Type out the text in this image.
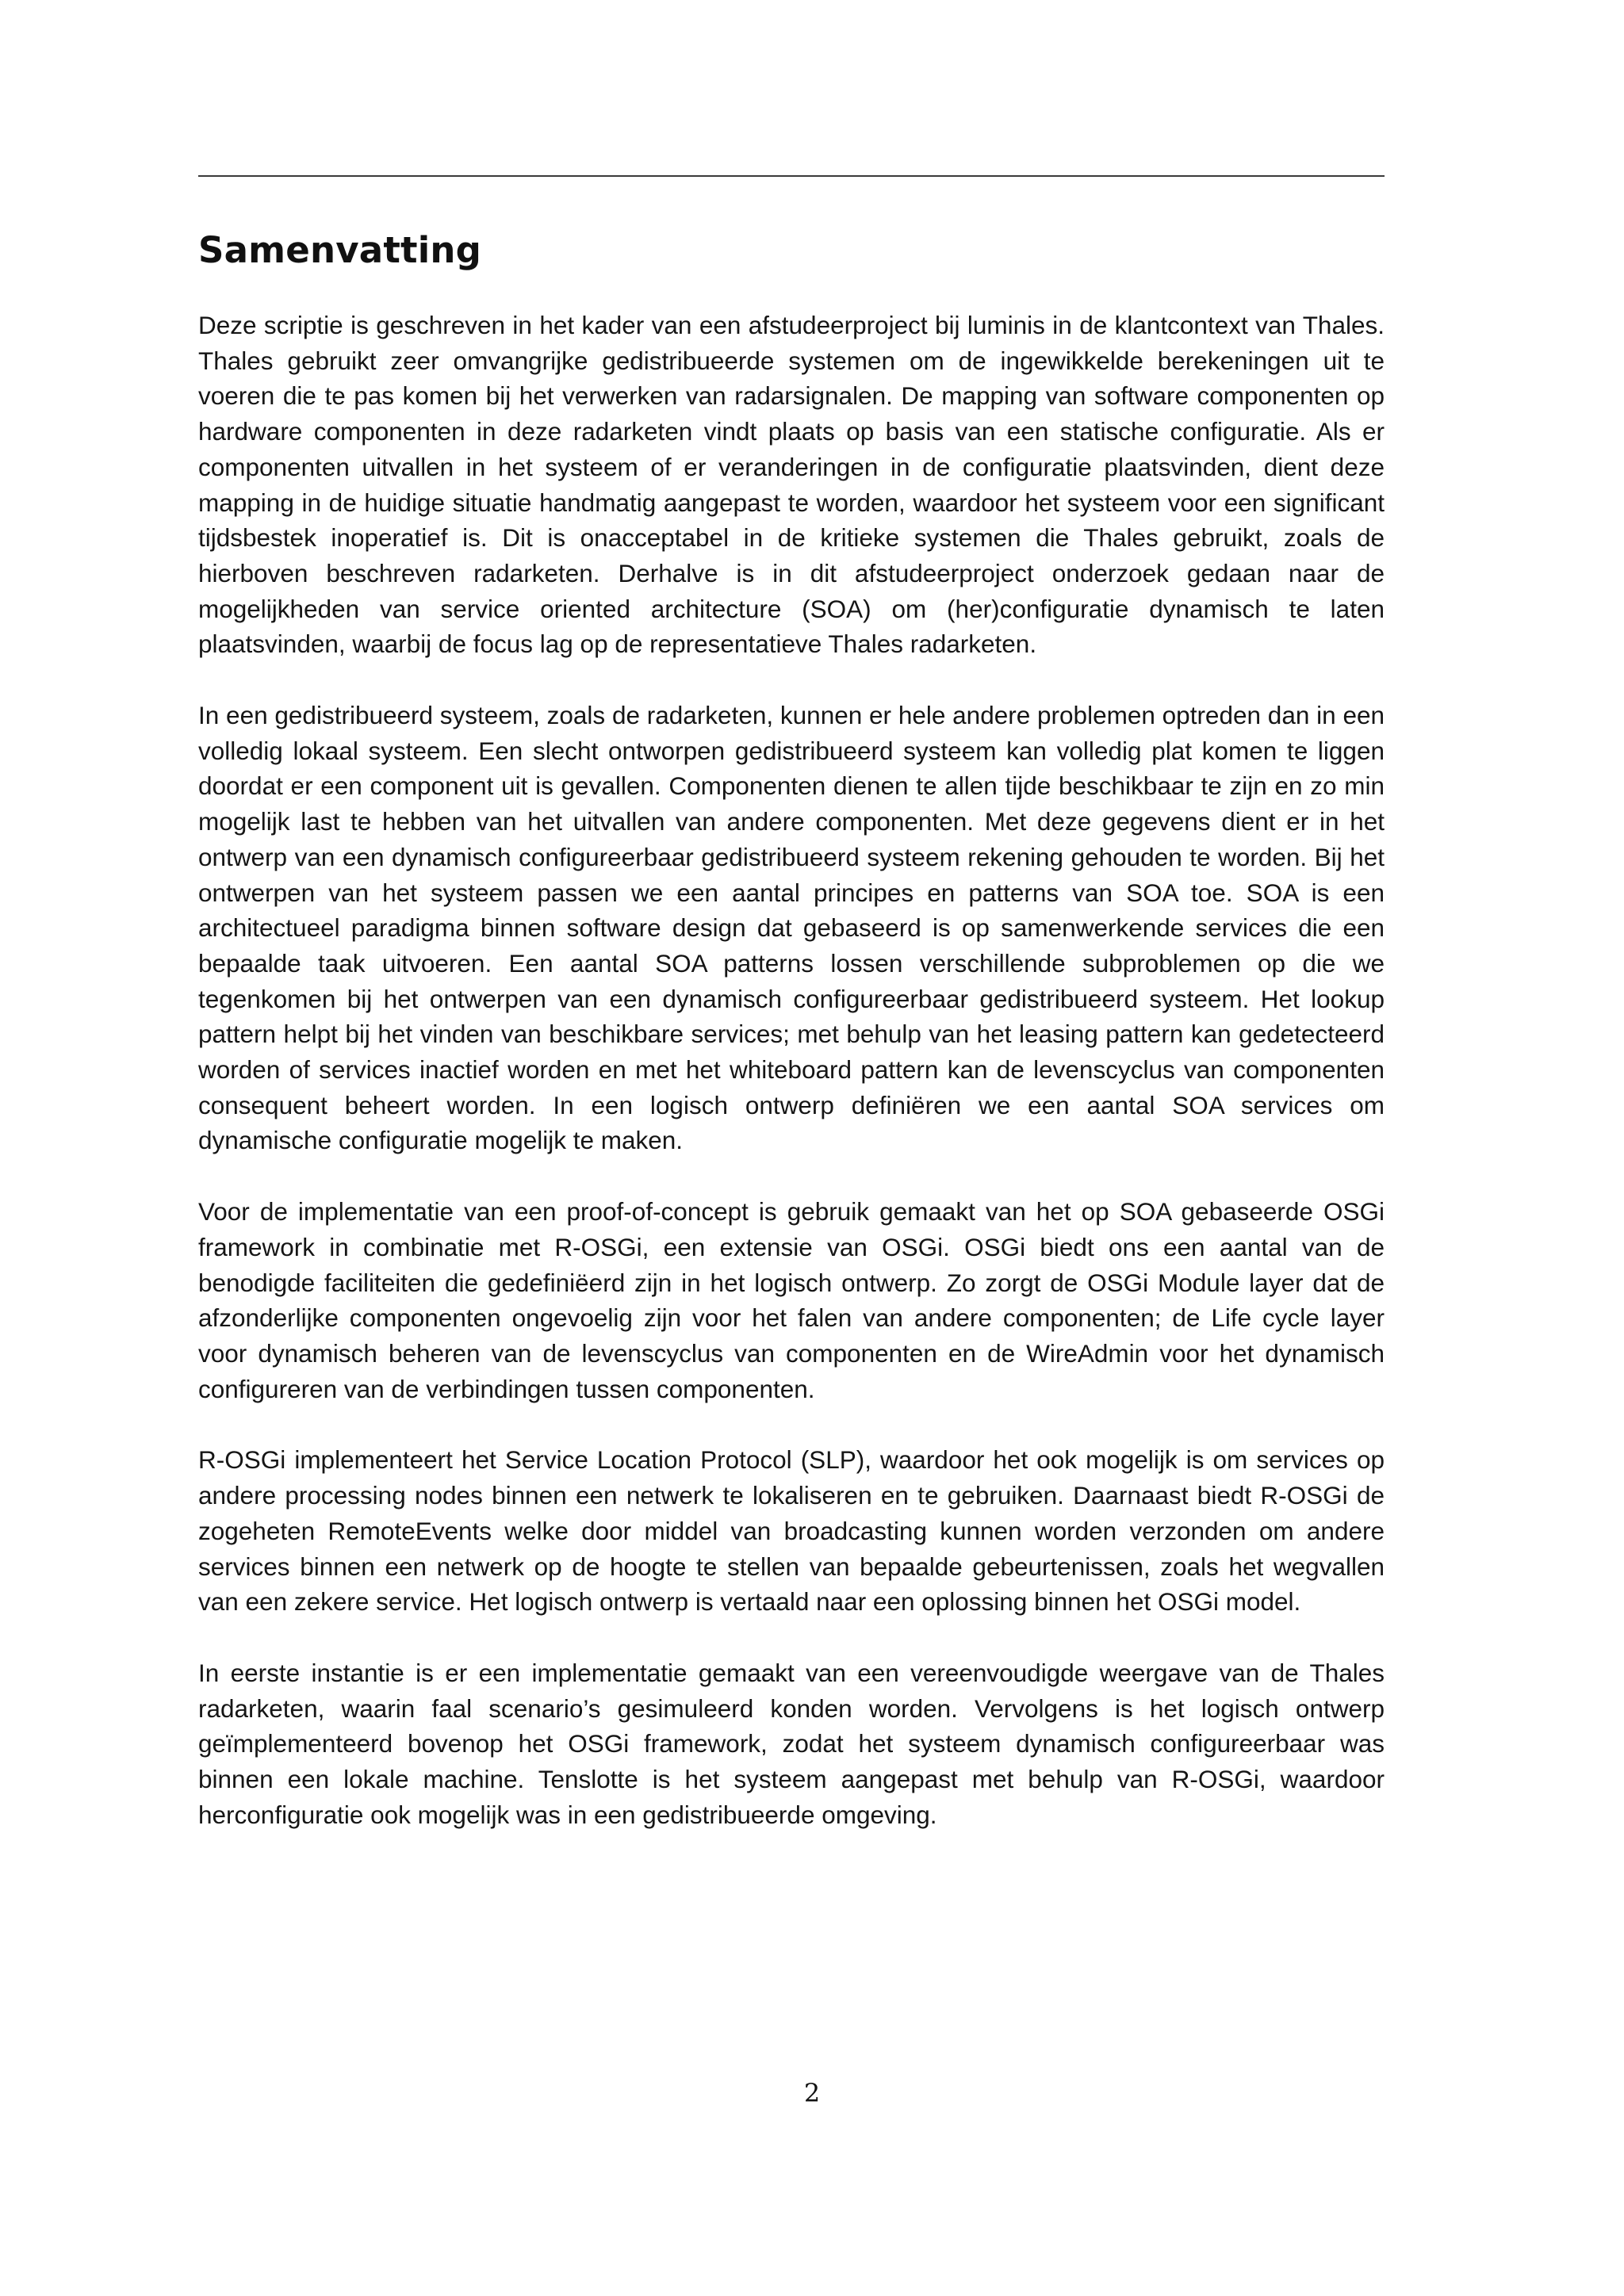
Samenvatting

Deze scriptie is geschreven in het kader van een afstudeerproject bij luminis in de klantcontext van Thales. Thales gebruikt zeer omvangrijke gedistribueerde systemen om de ingewikkelde berekeningen uit te voeren die te pas komen bij het verwerken van radarsignalen. De mapping van software componenten op hardware componenten in deze radarketen vindt plaats op basis van een statische configuratie. Als er componenten uitvallen in het systeem of er veranderingen in de configuratie plaatsvinden, dient deze mapping in de huidige situatie handmatig aangepast te worden, waardoor het systeem voor een significant tijdsbestek inoperatief is. Dit is onacceptabel in de kritieke systemen die Thales gebruikt, zoals de hierboven beschreven radarketen. Derhalve is in dit afstudeerproject onderzoek gedaan naar de mogelijkheden van service oriented architecture (SOA) om (her)configuratie dynamisch te laten plaatsvinden, waarbij de focus lag op de representatieve Thales radarketen.

In een gedistribueerd systeem, zoals de radarketen, kunnen er hele andere problemen optreden dan in een volledig lokaal systeem. Een slecht ontworpen gedistribueerd systeem kan volledig plat komen te liggen doordat er een component uit is gevallen. Componenten dienen te allen tijde beschikbaar te zijn en zo min mogelijk last te hebben van het uitvallen van andere componenten. Met deze gegevens dient er in het ontwerp van een dynamisch configureerbaar gedistribueerd systeem rekening gehouden te worden. Bij het ontwerpen van het systeem passen we een aantal principes en patterns van SOA toe. SOA is een architectueel paradigma binnen software design dat gebaseerd is op samenwerkende services die een bepaalde taak uitvoeren. Een aantal SOA patterns lossen verschillende subproblemen op die we tegenkomen bij het ontwerpen van een dynamisch configureerbaar gedistribueerd systeem. Het lookup pattern helpt bij het vinden van beschikbare services; met behulp van het leasing pattern kan gedetecteerd worden of services inactief worden en met het whiteboard pattern kan de levenscyclus van componenten consequent beheert worden. In een logisch ontwerp definiëren we een aantal SOA services om dynamische configuratie mogelijk te maken.

Voor de implementatie van een proof-of-concept is gebruik gemaakt van het op SOA gebaseerde OSGi framework in combinatie met R-OSGi, een extensie van OSGi. OSGi biedt ons een aantal van de benodigde faciliteiten die gedefiniëerd zijn in het logisch ontwerp. Zo zorgt de OSGi Module layer dat de afzonderlijke componenten ongevoelig zijn voor het falen van andere componenten; de Life cycle layer voor dynamisch beheren van de levenscyclus van componenten en de WireAdmin voor het dynamisch configureren van de verbindingen tussen componenten.

R-OSGi implementeert het Service Location Protocol (SLP), waardoor het ook mogelijk is om services op andere processing nodes binnen een netwerk te lokaliseren en te gebruiken. Daarnaast biedt R-OSGi de zogeheten RemoteEvents welke door middel van broadcasting kunnen worden verzonden om andere services binnen een netwerk op de hoogte te stellen van bepaalde gebeurtenissen, zoals het wegvallen van een zekere service. Het logisch ontwerp is vertaald naar een oplossing binnen het OSGi model.

In eerste instantie is er een implementatie gemaakt van een vereenvoudigde weergave van de Thales radarketen, waarin faal scenario’s gesimuleerd konden worden. Vervolgens is het logisch ontwerp geïmplementeerd bovenop het OSGi framework, zodat het systeem dynamisch configureerbaar was binnen een lokale machine. Tenslotte is het systeem aangepast met behulp van R-OSGi, waardoor herconfiguratie ook mogelijk was in een gedistribueerde omgeving.

2
